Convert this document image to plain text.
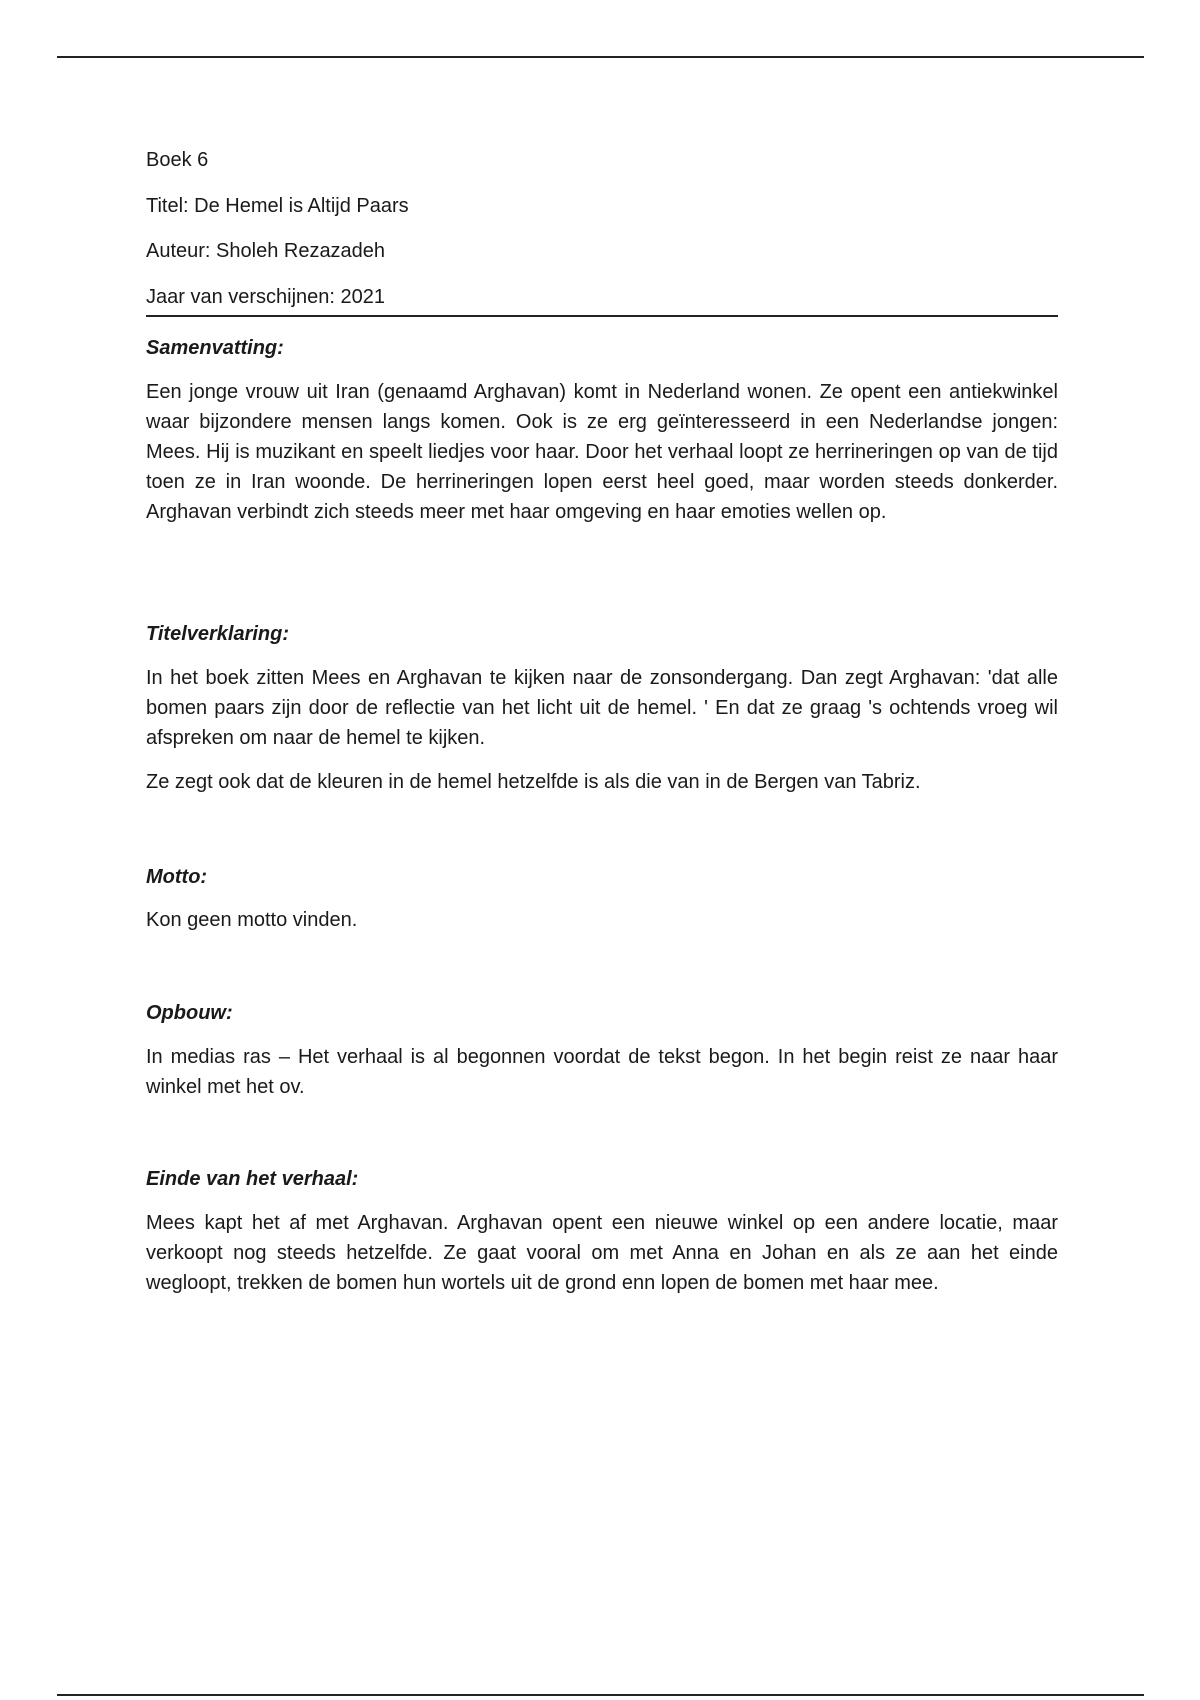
Boek 6
Titel: De Hemel is Altijd Paars
Auteur: Sholeh Rezazadeh
Jaar van verschijnen: 2021
Samenvatting:
Een jonge vrouw uit Iran (genaamd Arghavan) komt in Nederland wonen. Ze opent een antiekwinkel waar bijzondere mensen langs komen. Ook is ze erg geïnteresseerd in een Nederlandse jongen: Mees. Hij is muzikant en speelt liedjes voor haar. Door het verhaal loopt ze herrineringen op van de tijd toen ze in Iran woonde. De herrineringen lopen eerst heel goed, maar worden steeds donkerder. Arghavan verbindt zich steeds meer met haar omgeving en haar emoties wellen op.
Titelverklaring:
In het boek zitten Mees en Arghavan te kijken naar de zonsondergang. Dan zegt Arghavan: 'dat alle bomen paars zijn door de reflectie van het licht uit de hemel. ' En dat ze graag 's ochtends vroeg wil afspreken om naar de hemel te kijken.
Ze zegt ook dat de kleuren in de hemel hetzelfde is als die van in de Bergen van Tabriz.
Motto:
Kon geen motto vinden.
Opbouw:
In medias ras – Het verhaal is al begonnen voordat de tekst begon. In het begin reist ze naar haar winkel met het ov.
Einde van het verhaal:
Mees kapt het af met Arghavan. Arghavan opent een nieuwe winkel op een andere locatie, maar verkoopt nog steeds hetzelfde. Ze gaat vooral om met Anna en Johan en als ze aan het einde wegloopt, trekken de bomen hun wortels uit de grond enn lopen de bomen met haar mee.
